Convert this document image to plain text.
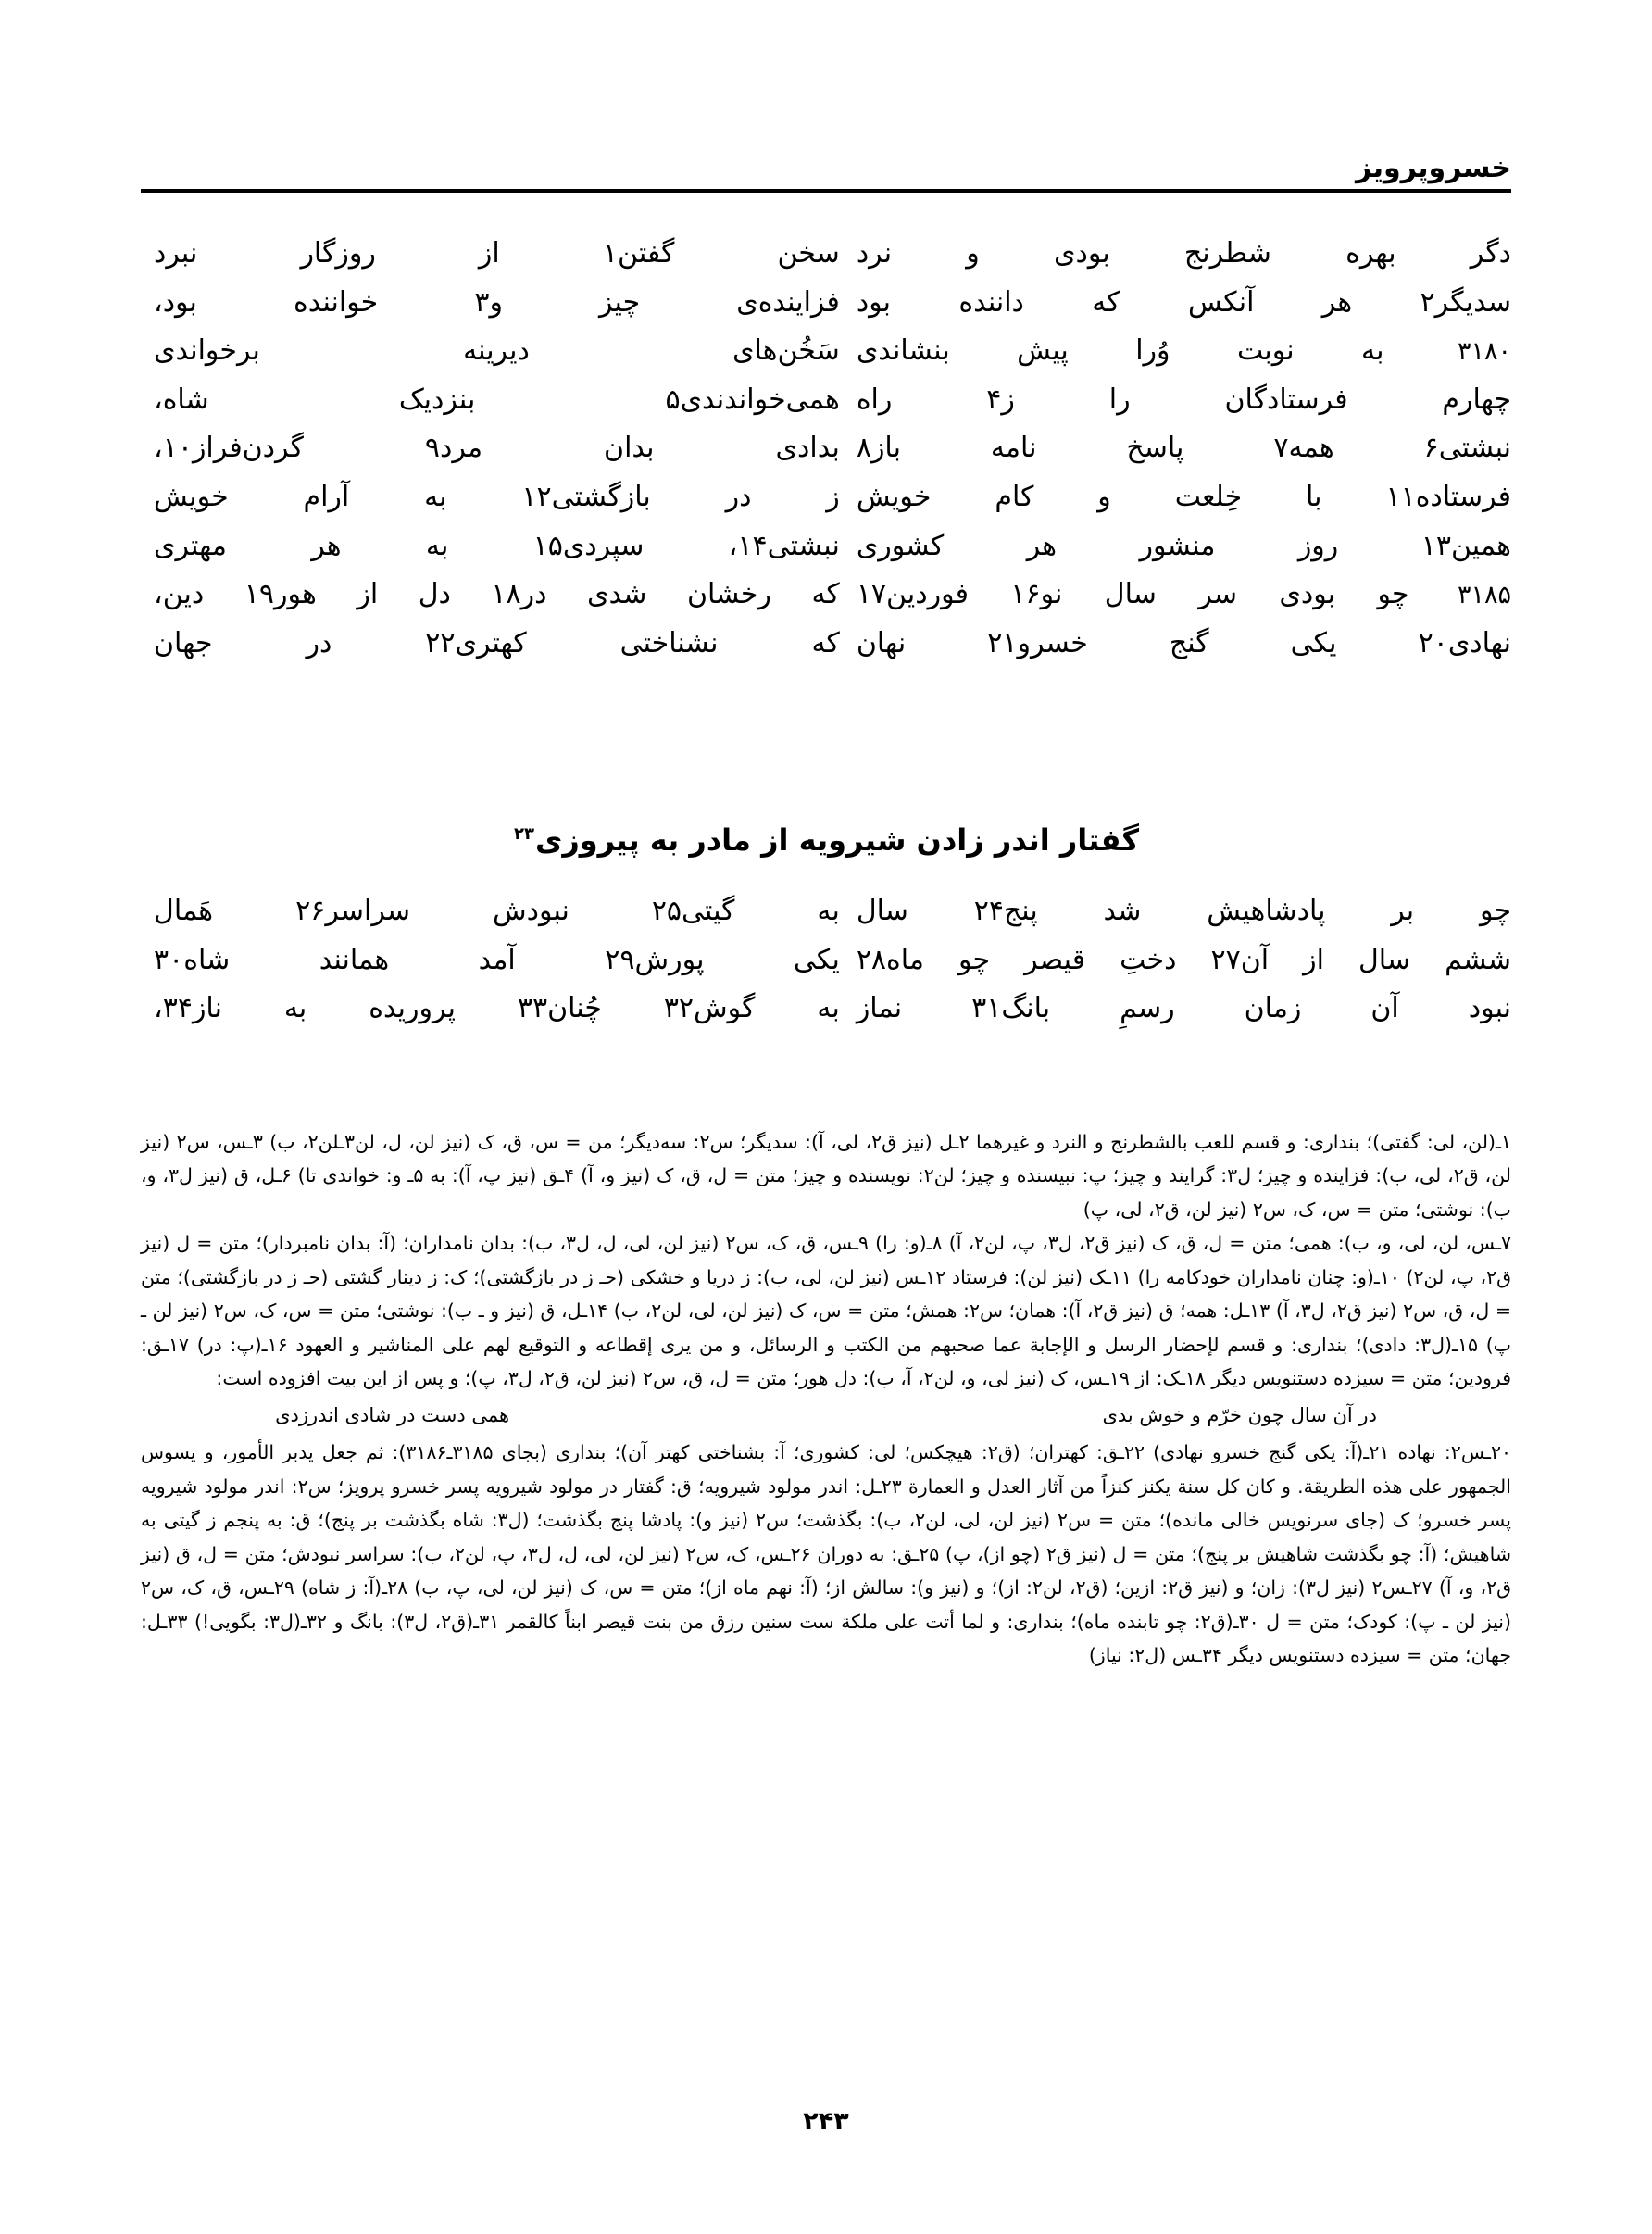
خسروپرویز
دگر بهره شطرنج بودی و نرد
سخن گفتن١ از روزگار نبرد
سدیگر٢ هر آنکس که داننده بود
فزاینده‌ی چیز و٣ خواننده بود،
۳۱۸۰ به نوبت وُرا پیش بنشاندی
سَخُن‌های دیرینه برخواندی
چهارم فرستادگان را ز۴ راه
همی‌خواندندی۵ بنزدیک شاه،
نبشتی۶ همه٧ پاسخ نامه باز٨
بدادی بدان مرد۹ گردن‌فراز۱۰،
فرستاده۱۱ با خِلعت و کام خویش
ز در بازگشتی۱۲ به آرام خویش
همین۱۳ روز منشور هر کشوری
نبشتی۱۴، سپردی۱۵ به هر مهتری
۳۱۸۵ چو بودی سر سال نو۱۶ فوردین۱۷
که رخشان شدی در۱۸ دل از هور۱۹ دین،
نهادی۲۰ یکی گنج خسرو۲۱ نهان
که نشناختی کهتری۲۲ در جهان
گفتار اندر زادن شیرویه از مادر به پیروزی$^{۲۳}$
چو بر پادشاهیش شد پنج۲۴ سال
به گیتی۲۵ نبودش سراسر۲۶ هَمال
ششم سال از آن۲۷ دختِ قیصر چو ماه۲۸
یکی پورش۲۹ آمد همانند شاه۳۰
نبود آن زمان رسمِ بانگ۳۱ نماز
به گوش۳۲ چُنان۳۳ پروریده به ناز۳۴،

۱ـ(لن، لی: گفتی)؛ بنداری: و قسم للعب بالشطرنج و النرد و غیرهما ۲ـل (نیز ق٢، لی، آ): سدیگر؛ س٢: سه‌دیگر؛ من = س، ق، ک (نیز لن، ل، لن٣ـلن٢، ب) ۳ـس، س٢ (نیز لن، ق٢، لی، ب): فزاینده و چیز؛ ل٣: گرایند و چیز؛ پ: نبیسنده و چیز؛ لن٢: نویسنده و چیز؛ متن = ل، ق، ک (نیز و، آ) ۴ـق (نیز پ، آ): به ۵ـ و: خواندی تا) ۶ـل، ق (نیز ل٣، و، ب): نوشتی؛ متن = س، ک، س٢ (نیز لن، ق٢، لی، پ)

۷ـس، لن، لی، و، ب): همی؛ متن = ل، ق، ک (نیز ق٢، ل٣، پ، لن٢، آ) ۸ـ(و: را) ۹ـس، ق، ک، س٢ (نیز لن، لی، ل، ل٣، ب): بدان نامداران؛ (آ: بدان نامبردار)؛ متن = ل (نیز ق٢، پ، لن٢) ۱۰ـ(و: چنان نامداران خودکامه را) ۱۱ـک (نیز لن): فرستاد ۱۲ـس (نیز لن، لی، ب): ز دریا و خشکی (حـ ز در بازگشتی)؛ ک: ز دینار گشتی (حـ ز در بازگشتی)؛ متن = ل، ق، س٢ (نیز ق٢، ل٣، آ) ۱۳ـل: همه؛ ق (نیز ق٢، آ): همان؛ س٢: همش؛ متن = س، ک (نیز لن، لی، لن٢، ب) ۱۴ـل، ق (نیز و ـ ب): نوشتی؛ متن = س، ک، س٢ (نیز لن ـ پ) ۱۵ـ(ل٣: دادی)؛ بنداری: و قسم لإحضار الرسل و الإجابة عما صحبهم من الکتب و الرسائل، و من یری إقطاعه و التوقیع لهم علی المناشیر و العهود ۱۶ـ(پ: در) ۱۷ـق: فرودین؛ متن = سیزده دستنویس دیگر ۱۸ـک: از ۱۹ـس، ک (نیز لی، و، لن٢، آ، ب): دل هور؛ متن = ل، ق، س٢ (نیز لن، ق٢، ل٣، پ)؛ و پس از این بیت افزوده است:

در آن سال چون خرّم و خوش بدی
همی دست در شادی اندرزدی

۲۰ـس٢: نهاده ۲۱ـ(آ: یکی گنج خسرو نهادی) ۲۲ـق: کهتران؛ (ق٢: هیچکس؛ لی: کشوری؛ آ: بشناختی کهتر آن)؛ بنداری (بجای ۳۱۸۵ـ۳۱۸۶): ثم جعل یدبر الأمور، و یسوس الجمهور علی هذه الطریقة. و کان کل سنة یکنز کنزاً من آثار العدل و العمارة ۲۳ـل: اندر مولود شیرویه؛ ق: گفتار در مولود شیرویه پسر خسرو پرویز؛ س٢: اندر مولود شیرویه پسر خسرو؛ ک (جای سرنویس خالی مانده)؛ متن = س٢ (نیز لن، لی، لن٢، ب): بگذشت؛ س٢ (نیز و): پادشا پنج بگذشت؛ (ل٣: شاه بگذشت بر پنج)؛ ق: به پنجم ز گیتی به شاهیش؛ (آ: چو بگذشت شاهیش بر پنج)؛ متن = ل (نیز ق٢ (چو از)، پ) ۲۵ـق: به دوران ۲۶ـس، ک، س٢ (نیز لن، لی، ل، ل٣، پ، لن٢، ب): سراسر نبودش؛ متن = ل، ق (نیز ق٢، و، آ) ۲۷ـس٢ (نیز ل٣): زان؛ و (نیز ق٢: ازین؛ (ق٢، لن٢: از)؛ و (نیز و): سالش از؛ (آ: نهم ماه از)؛ متن = س، ک (نیز لن، لی، پ، ب) ۲۸ـ(آ: ز شاه) ۲۹ـس، ق، ک، س٢ (نیز لن ـ پ): کودک؛ متن = ل ۳۰ـ(ق٢: چو تابنده ماه)؛ بنداری: و لما أتت علی ملکة ست سنین رزق من بنت قیصر ابناً کالقمر ۳۱ـ(ق٢، ل٣): بانگ و ۳۲ـ(ل٣: بگویی!) ۳۳ـل: جهان؛ متن = سیزده دستنویس دیگر ۳۴ـس (ل٢: نیاز)

۲۴۳
